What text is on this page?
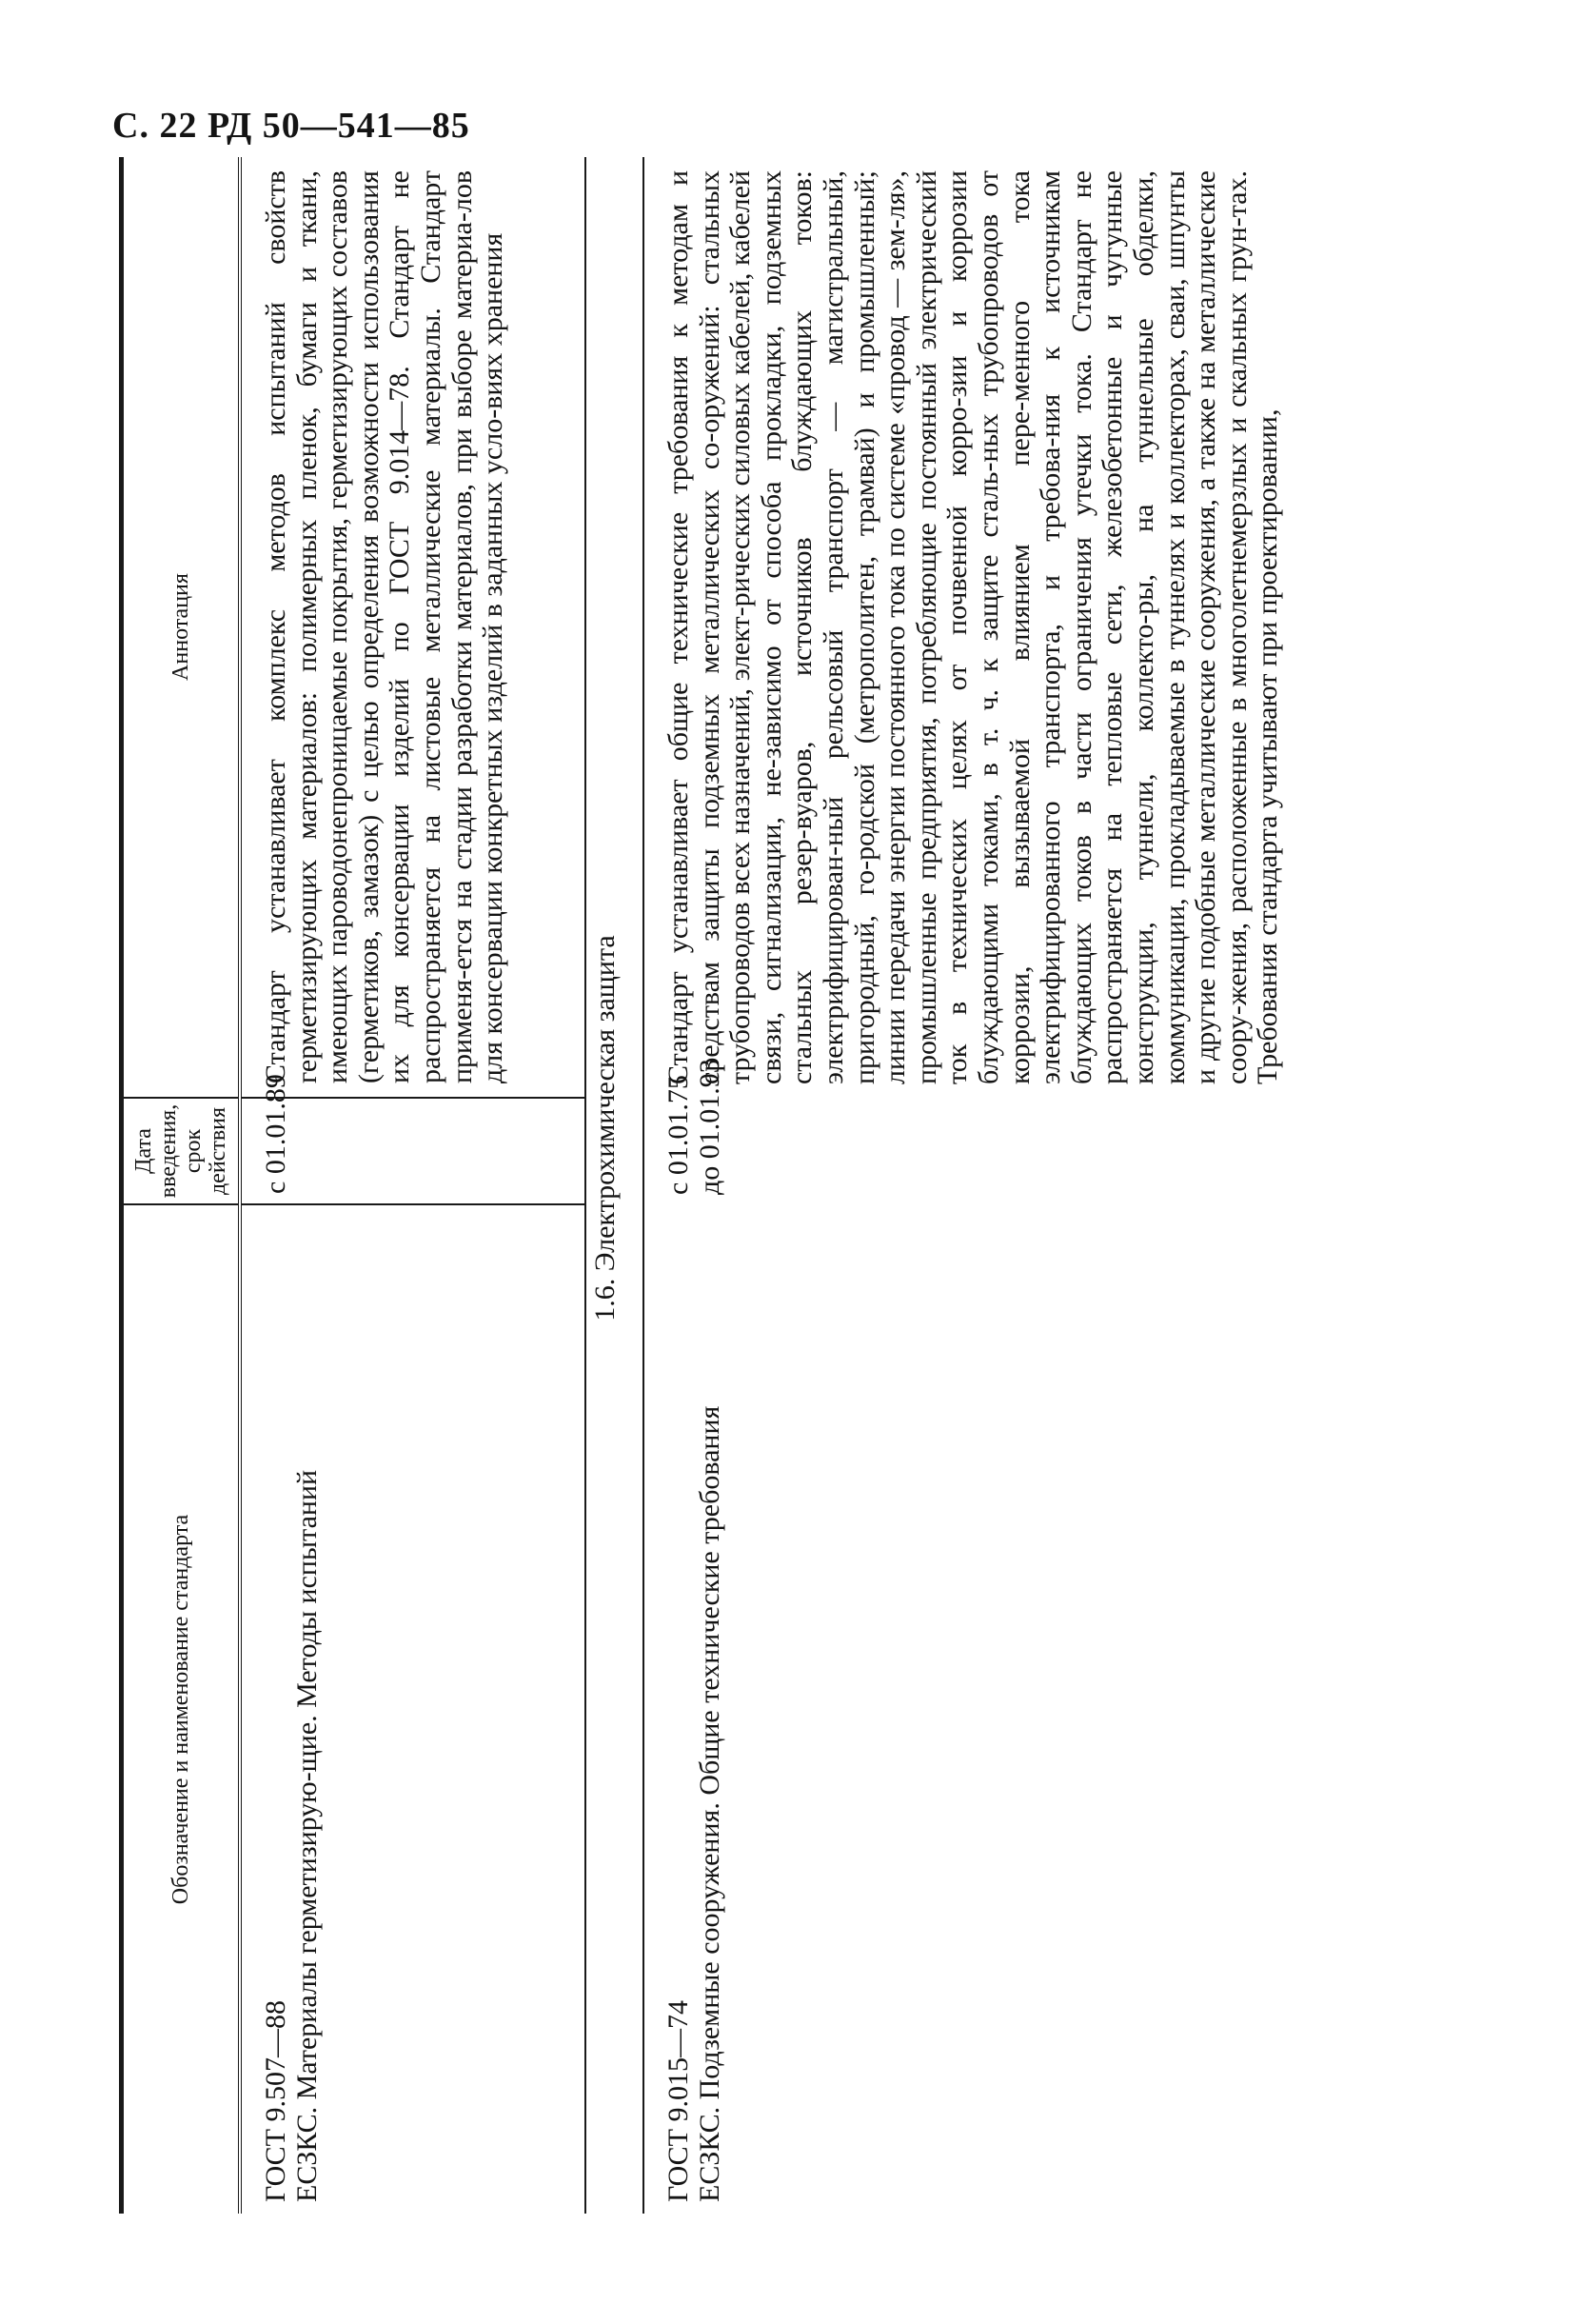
С. 22 РД 50—541—85
Обозначение и наименование стандарта	Дата введения, срок действия	Аннотация

ГОСТ 9.507—88 ЕСЗКС. Материалы герметизирую-щие. Методы испытаний	с 01.01.89	Стандарт устанавливает комплекс методов испытаний свойств герметизирующих материалов: полимерных пленок, бумаги и ткани, имеющих пароводонепроницаемые покрытия, герметизирующих составов (герметиков, замазок) с целью определения возможности использования их для консервации изделий по ГОСТ 9.014—78. Стандарт не распространяется на листовые металлические материалы. Стандарт применя-ется на стадии разработки материалов, при выборе материа-лов для консервации конкретных изделий в заданных усло-виях хранения
1.6. Электрохимическая защита		

ГОСТ 9.015—74 ЕСЗКС. Подземные сооружения. Общие технические требования	с 01.01.75 до 01.01.93	Стандарт устанавливает общие технические требования к методам и средствам защиты подземных металлических со-оружений: стальных трубопроводов всех назначений, элект-рических силовых кабелей, кабелей связи, сигнализации, не-зависимо от способа прокладки, подземных стальных резер-вуаров, источников блуждающих токов: электрифицирован-ный рельсовый транспорт — магистральный, пригородный, го-родской (метрополитен, трамвай) и промышленный; линии передачи энергии постоянного тока по системе «провод — зем-ля», промышленные предприятия, потребляющие постоянный электрический ток в технических целях от почвенной корро-зии и коррозии блуждающими токами, в т. ч. к защите сталь-ных трубопроводов от коррозии, вызываемой влиянием пере-менного тока электрифицированного транспорта, и требова-ния к источникам блуждающих токов в части ограничения утечки тока. Стандарт не распространяется на тепловые сети, железобетонные и чугунные конструкции, туннели, коллекто-ры, на туннельные обделки, коммуникации, прокладываемые в туннелях и коллекторах, сваи, шпунты и другие подобные металлические сооружения, а также на металлические соору-жения, расположенные в многолетнемерзлых и скальных грун-тах. Требования стандарта учитывают при проектировании,
